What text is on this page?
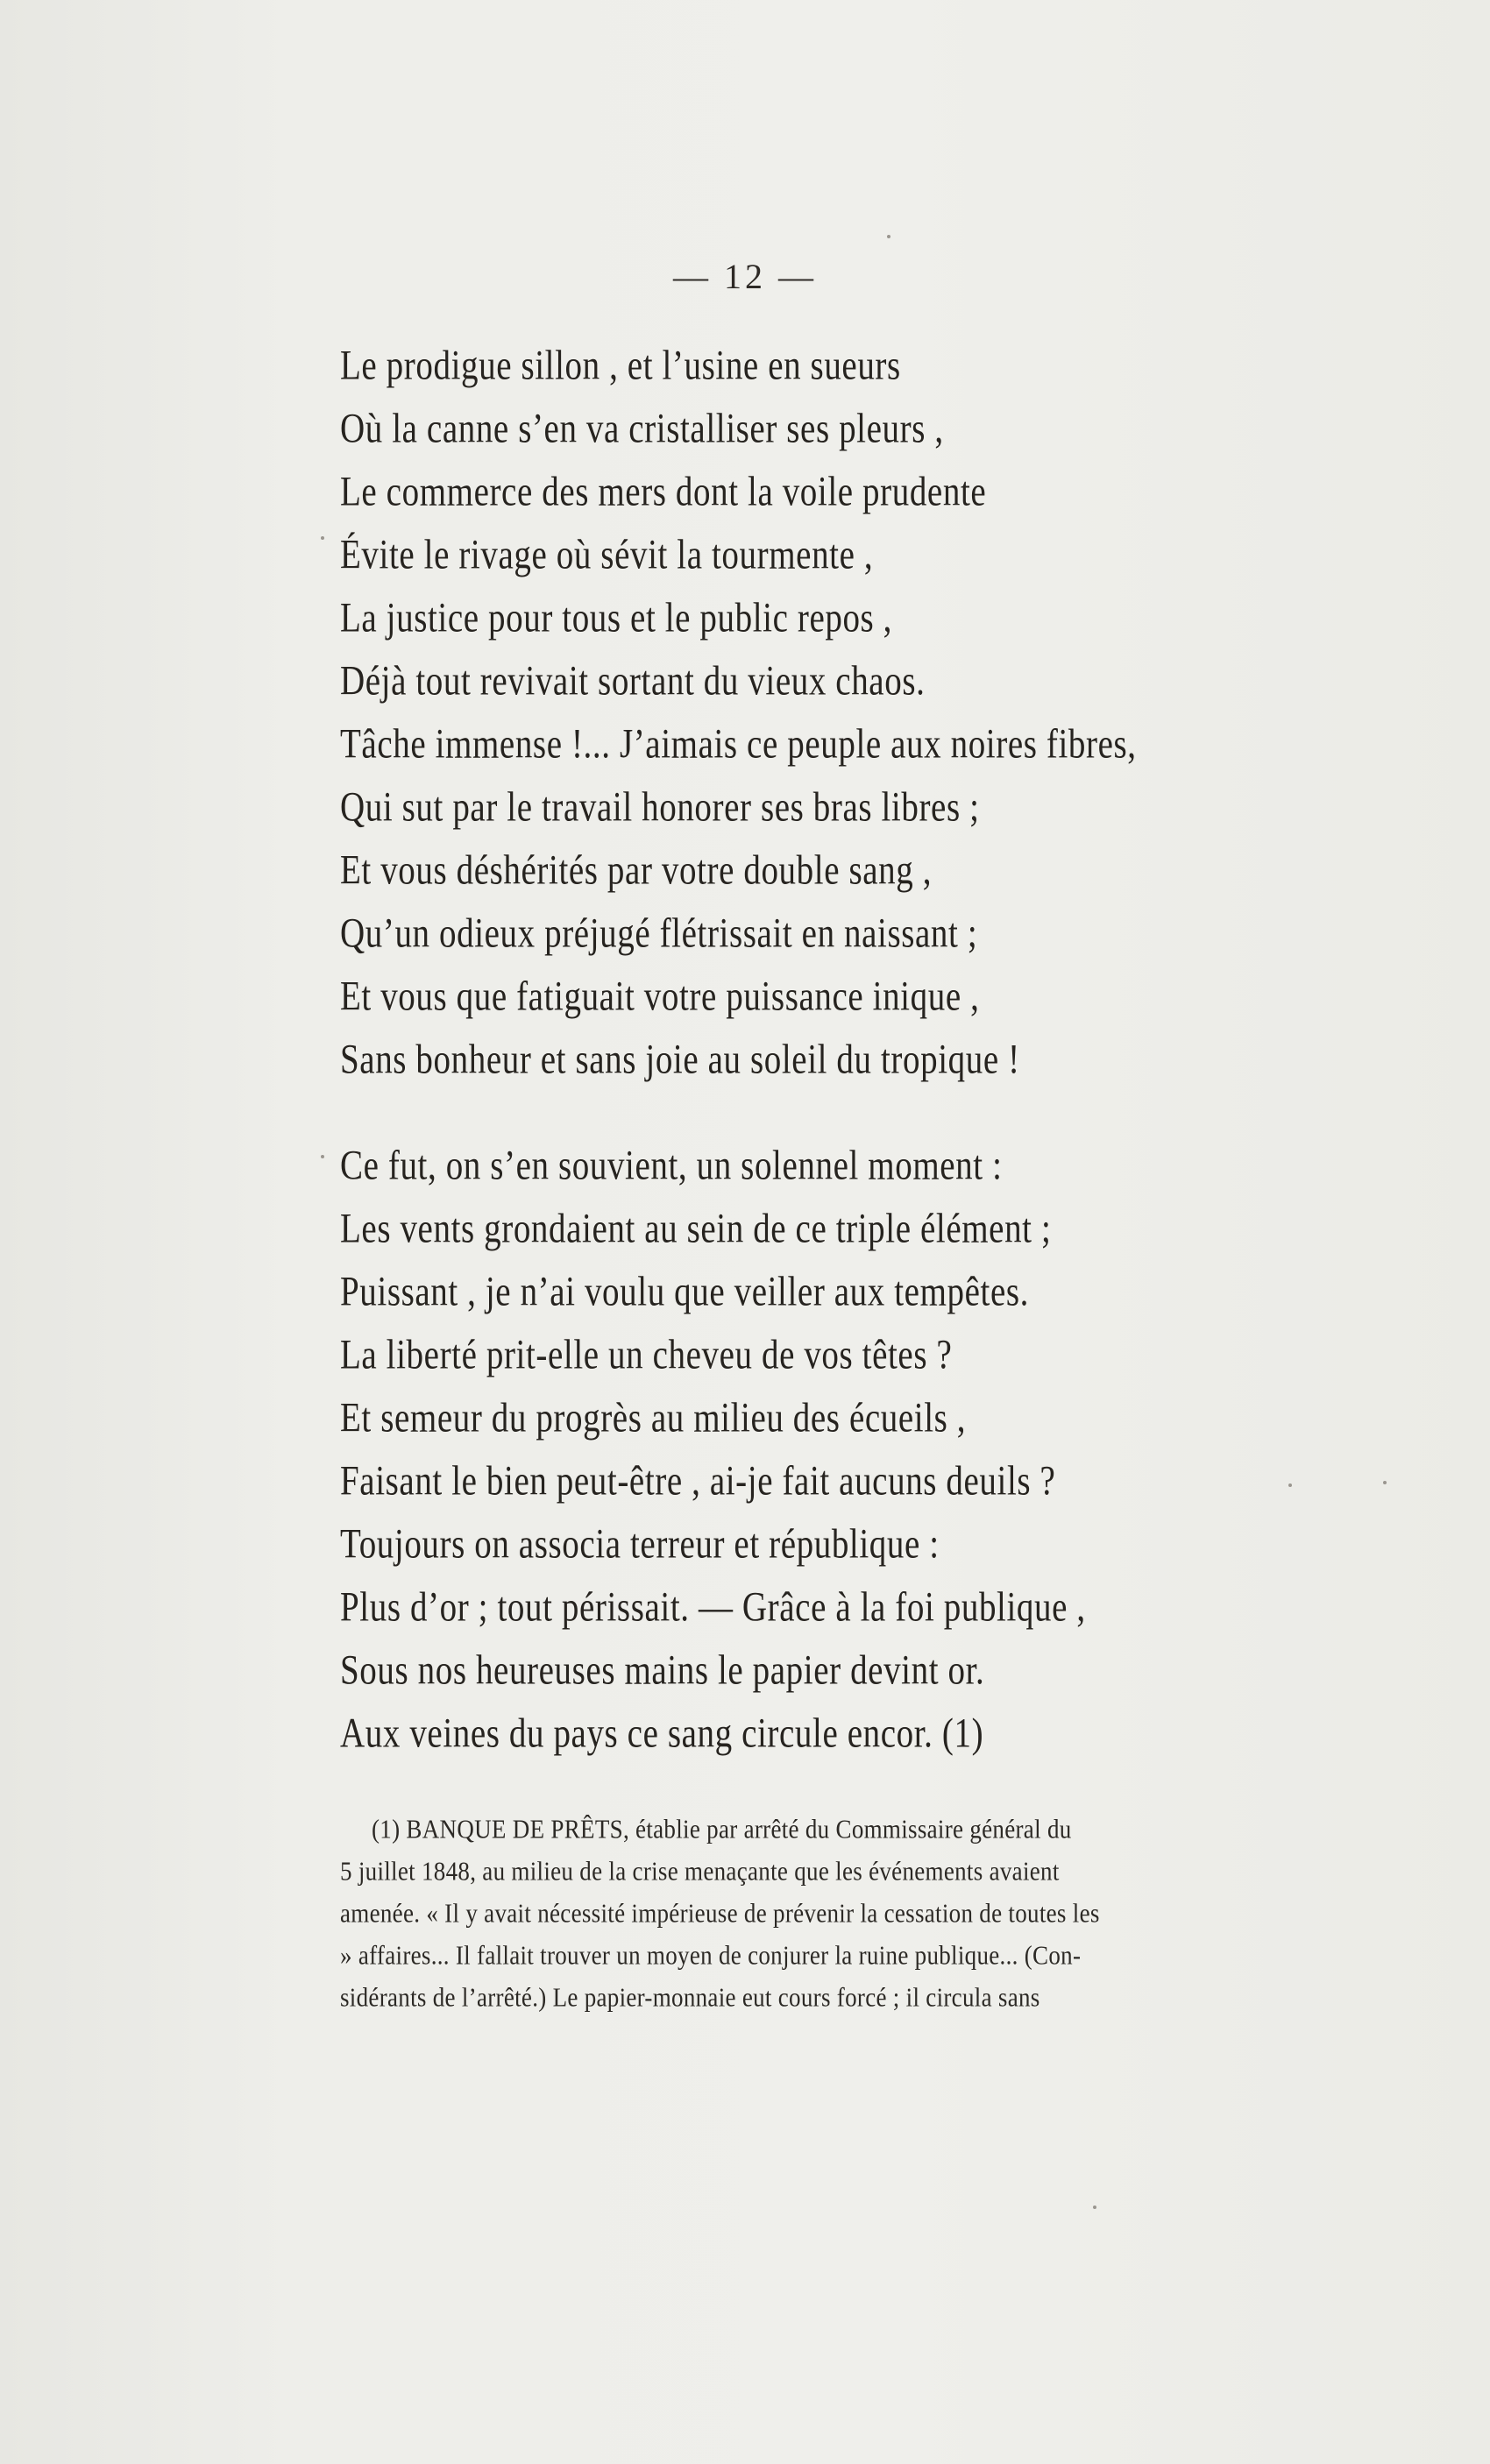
— 12 —
Le prodigue sillon , et l’usine en sueurs
Où la canne s’en va cristalliser ses pleurs ,
Le commerce des mers dont la voile prudente
Évite le rivage où sévit la tourmente ,
La justice pour tous et le public repos ,
Déjà tout revivait sortant du vieux chaos.
Tâche immense !... J’aimais ce peuple aux noires fibres,
Qui sut par le travail honorer ses bras libres ;
Et vous déshérités par votre double sang ,
Qu’un odieux préjugé flétrissait en naissant ;
Et vous que fatiguait votre puissance inique ,
Sans bonheur et sans joie au soleil du tropique !
Ce fut, on s’en souvient, un solennel moment :
Les vents grondaient au sein de ce triple élément ;
Puissant , je n’ai voulu que veiller aux tempêtes.
La liberté prit-elle un cheveu de vos têtes ?
Et semeur du progrès au milieu des écueils ,
Faisant le bien peut-être , ai-je fait aucuns deuils ?
Toujours on associa terreur et république :
Plus d’or ; tout périssait. — Grâce à la foi publique ,
Sous nos heureuses mains le papier devint or.
Aux veines du pays ce sang circule encor. (1)
(1) BANQUE DE PRÊTS, établie par arrêté du Commissaire général du
5 juillet 1848, au milieu de la crise menaçante que les événements avaient
amenée. « Il y avait nécessité impérieuse de prévenir la cessation de toutes les
» affaires... Il fallait trouver un moyen de conjurer la ruine publique... (Con-
sidérants de l’arrêté.) Le papier-monnaie eut cours forcé ; il circula sans
